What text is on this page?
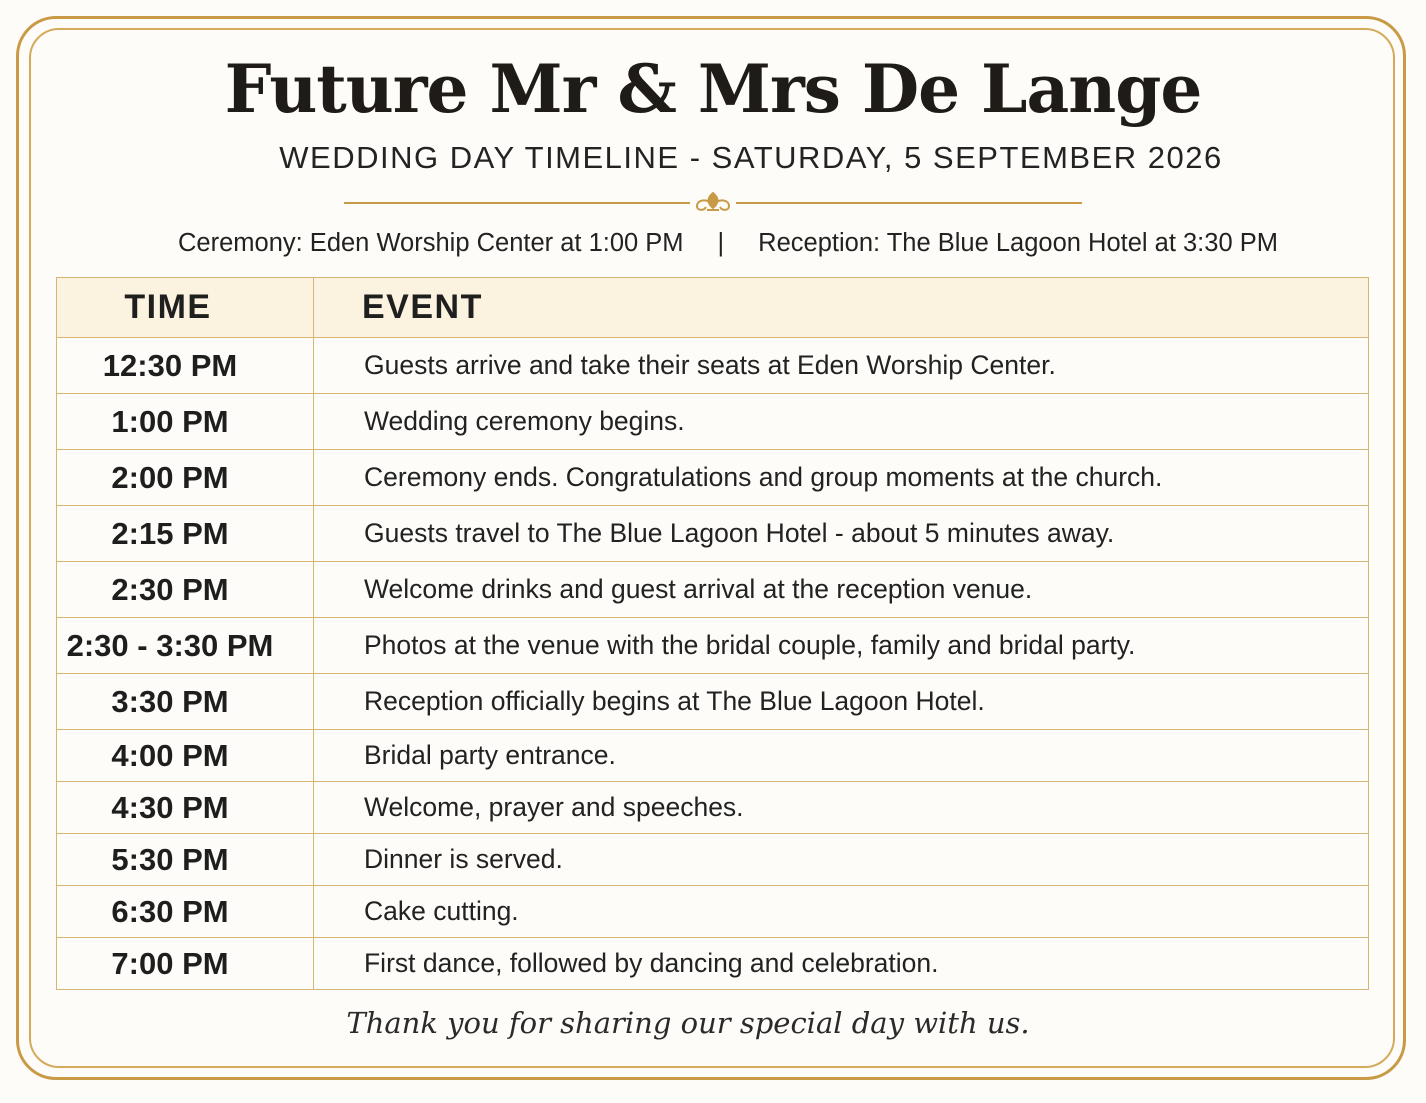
Future Mr & Mrs De Lange
WEDDING DAY TIMELINE - SATURDAY, 5 SEPTEMBER 2026
Ceremony: Eden Worship Center at 1:00 PM | Reception: The Blue Lagoon Hotel at 3:30 PM
TIME	EVENT
12:30 PM	Guests arrive and take their seats at Eden Worship Center.
1:00 PM	Wedding ceremony begins.
2:00 PM	Ceremony ends. Congratulations and group moments at the church.
2:15 PM	Guests travel to The Blue Lagoon Hotel - about 5 minutes away.
2:30 PM	Welcome drinks and guest arrival at the reception venue.
2:30 - 3:30 PM	Photos at the venue with the bridal couple, family and bridal party.
3:30 PM	Reception officially begins at The Blue Lagoon Hotel.
4:00 PM	Bridal party entrance.
4:30 PM	Welcome, prayer and speeches.
5:30 PM	Dinner is served.
6:30 PM	Cake cutting.
7:00 PM	First dance, followed by dancing and celebration.
Thank you for sharing our special day with us.
